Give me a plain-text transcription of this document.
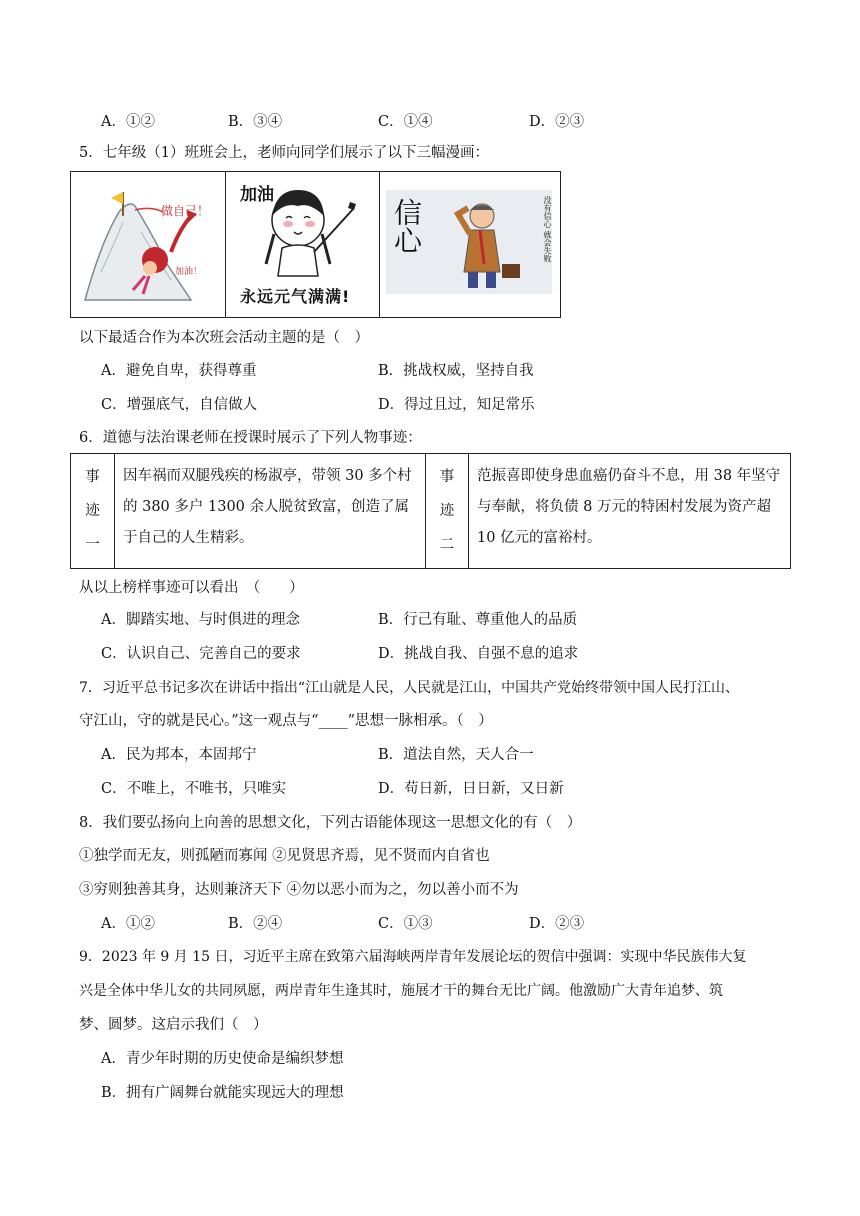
A．①②	B．③④	C．①④	D．②③
5．七年级（1）班班会上，老师向同学们展示了以下三幅漫画：
做自己！
加油！
加油
永远元气满满!
信心	没有信心 就会失败
以下最适合作为本次班会活动主题的是（　）
A．避免自卑，获得尊重	B．挑战权威，坚持自我
C．增强底气，自信做人	D．得过且过，知足常乐
6．道德与法治课老师在授课时展示了下列人物事迹：
事
迹
一
因车祸而双腿残疾的杨淑亭，带领 30 多个村的 380 多户 1300 余人脱贫致富，创造了属于自己的人生精彩。
事
迹
二
范振喜即使身患血癌仍奋斗不息，用 38 年坚守与奉献，将负债 8 万元的特困村发展为资产超 10 亿元的富裕村。
从以上榜样事迹可以看出　（　　）
A．脚踏实地、与时俱进的理念	B．行己有耻、尊重他人的品质
C．认识自己、完善自己的要求	D．挑战自我、自强不息的追求
7．习近平总书记多次在讲话中指出“江山就是人民，人民就是江山，中国共产党始终带领中国人民打江山、
守江山，守的就是民心。”这一观点与“____”思想一脉相承。（　）
A．民为邦本，本固邦宁	B．道法自然，天人合一
C．不唯上，不唯书，只唯实	D．苟日新，日日新，又日新
8．我们要弘扬向上向善的思想文化，下列古语能体现这一思想文化的有（　）
①独学而无友，则孤陋而寡闻 ②见贤思齐焉，见不贤而内自省也
③穷则独善其身，达则兼济天下 ④勿以恶小而为之，勿以善小而不为
A．①②	B．②④	C．①③	D．②③
9．2023 年 9 月 15 日，习近平主席在致第六届海峡两岸青年发展论坛的贺信中强调：实现中华民族伟大复
兴是全体中华儿女的共同夙愿，两岸青年生逢其时，施展才干的舞台无比广阔。他激励广大青年追梦、筑
梦、圆梦。这启示我们（　）
A．青少年时期的历史使命是编织梦想
B．拥有广阔舞台就能实现远大的理想
